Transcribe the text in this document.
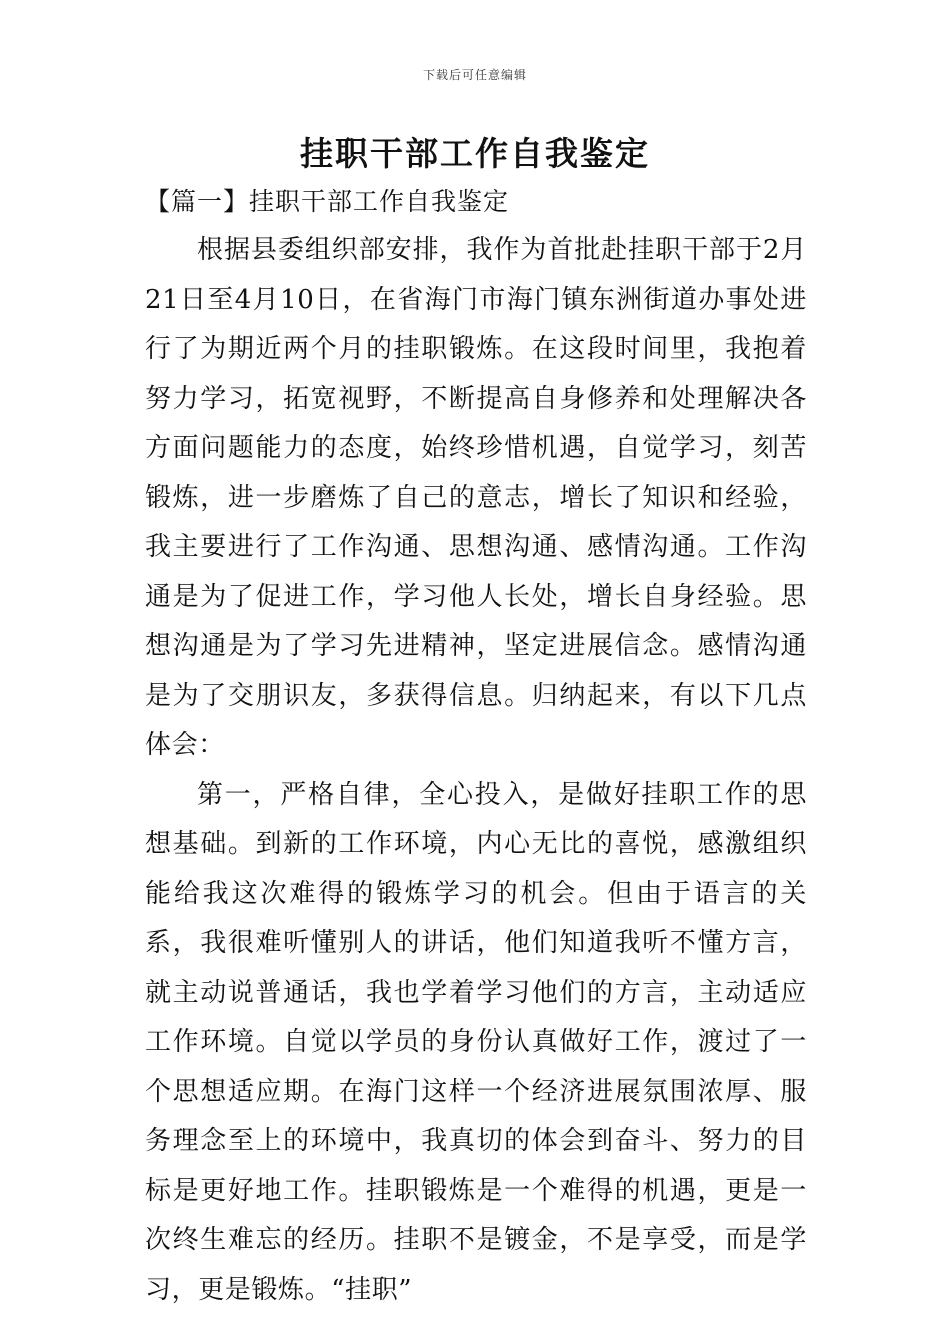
下载后可任意编辑
挂职干部工作自我鉴定
【篇一】挂职干部工作自我鉴定

根据县委组织部安排，我作为首批赴挂职干部于2月21日至4月10日，在省海门市海门镇东洲街道办事处进行了为期近两个月的挂职锻炼。在这段时间里，我抱着努力学习，拓宽视野，不断提高自身修养和处理解决各方面问题能力的态度，始终珍惜机遇，自觉学习，刻苦锻炼，进一步磨炼了自己的意志，增长了知识和经验，我主要进行了工作沟通、思想沟通、感情沟通。工作沟通是为了促进工作，学习他人长处，增长自身经验。思想沟通是为了学习先进精神，坚定进展信念。感情沟通是为了交朋识友，多获得信息。归纳起来，有以下几点体会：

第一，严格自律，全心投入，是做好挂职工作的思想基础。到新的工作环境，内心无比的喜悦，感激组织能给我这次难得的锻炼学习的机会。但由于语言的关系，我很难听懂别人的讲话，他们知道我听不懂方言，就主动说普通话，我也学着学习他们的方言，主动适应工作环境。自觉以学员的身份认真做好工作，渡过了一个思想适应期。在海门这样一个经济进展氛围浓厚、服务理念至上的环境中，我真切的体会到奋斗、努力的目标是更好地工作。挂职锻炼是一个难得的机遇，更是一次终生难忘的经历。挂职不是镀金，不是享受，而是学习，更是锻炼。“挂职”
